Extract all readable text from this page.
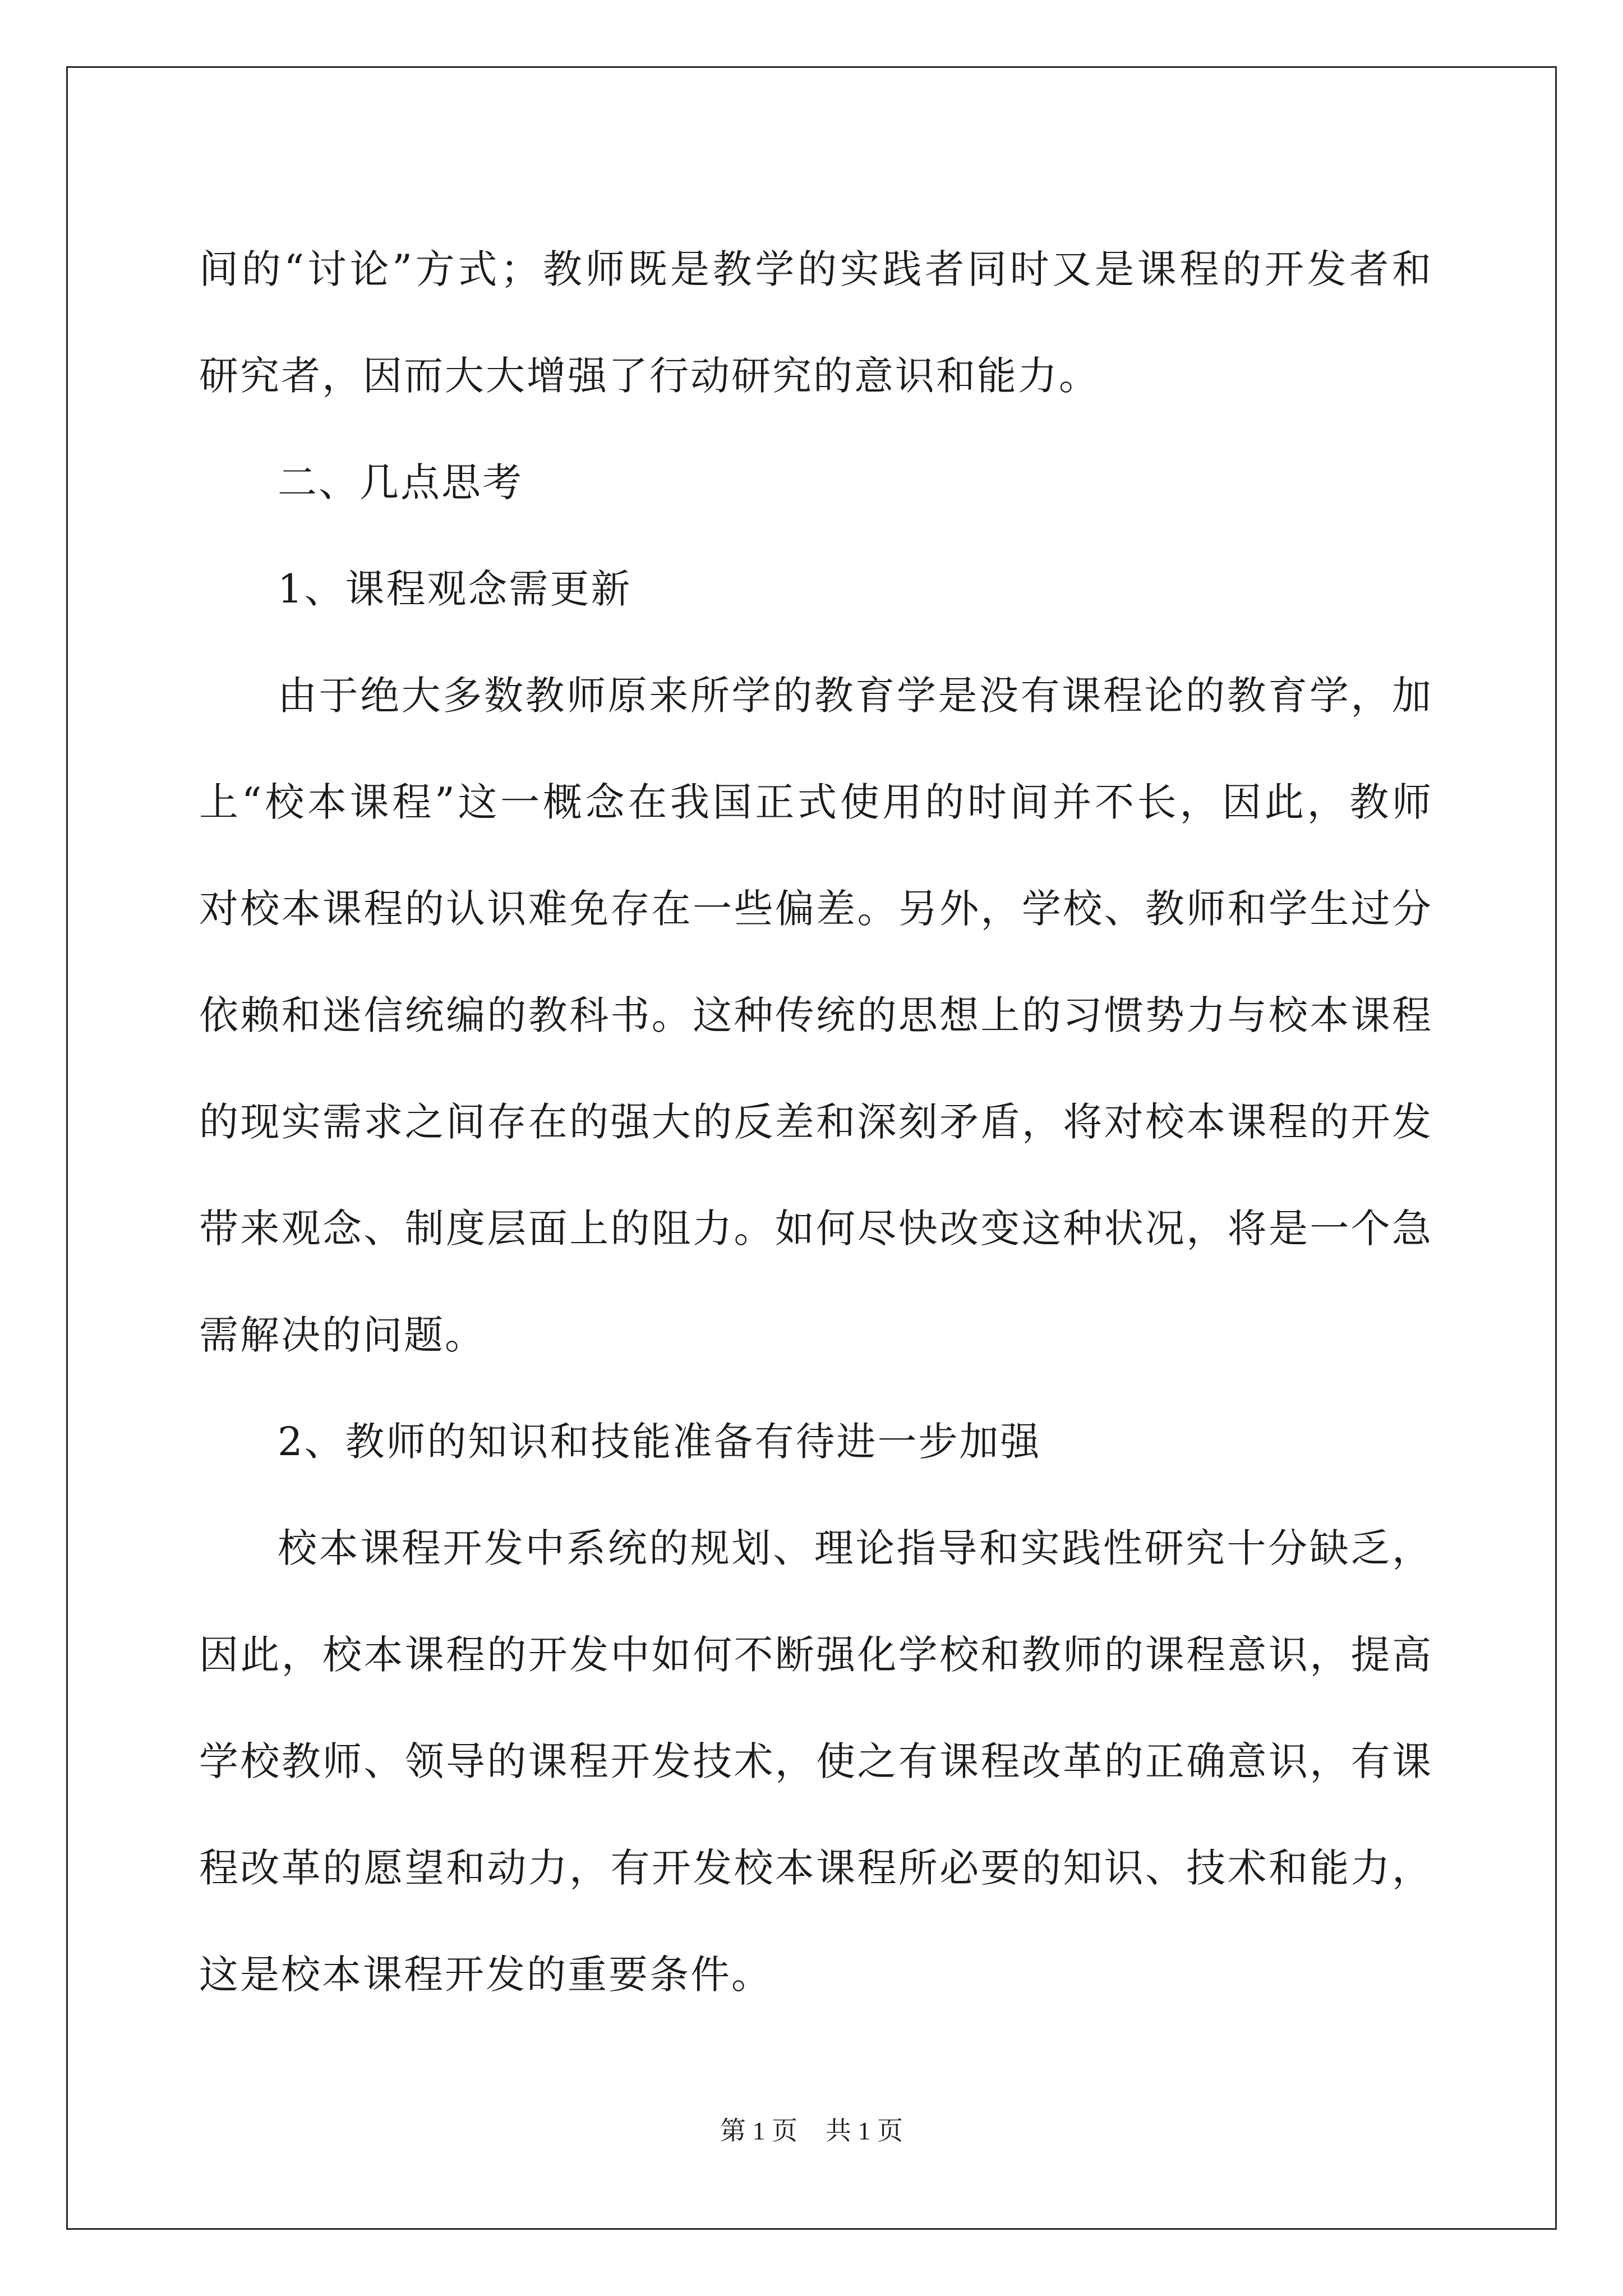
间的“讨论”方式；教师既是教学的实践者同时又是课程的开发者和
研究者，因而大大增强了行动研究的意识和能力。
二、几点思考
1、课程观念需更新
由于绝大多数教师原来所学的教育学是没有课程论的教育学，加
上“校本课程”这一概念在我国正式使用的时间并不长，因此，教师
对校本课程的认识难免存在一些偏差。另外，学校、教师和学生过分
依赖和迷信统编的教科书。这种传统的思想上的习惯势力与校本课程
的现实需求之间存在的强大的反差和深刻矛盾，将对校本课程的开发
带来观念、制度层面上的阻力。如何尽快改变这种状况，将是一个急
需解决的问题。
2、教师的知识和技能准备有待进一步加强
校本课程开发中系统的规划、理论指导和实践性研究十分缺乏，
因此，校本课程的开发中如何不断强化学校和教师的课程意识，提高
学校教师、领导的课程开发技术，使之有课程改革的正确意识，有课
程改革的愿望和动力，有开发校本课程所必要的知识、技术和能力，
这是校本课程开发的重要条件。
第 1 页 共 1 页
